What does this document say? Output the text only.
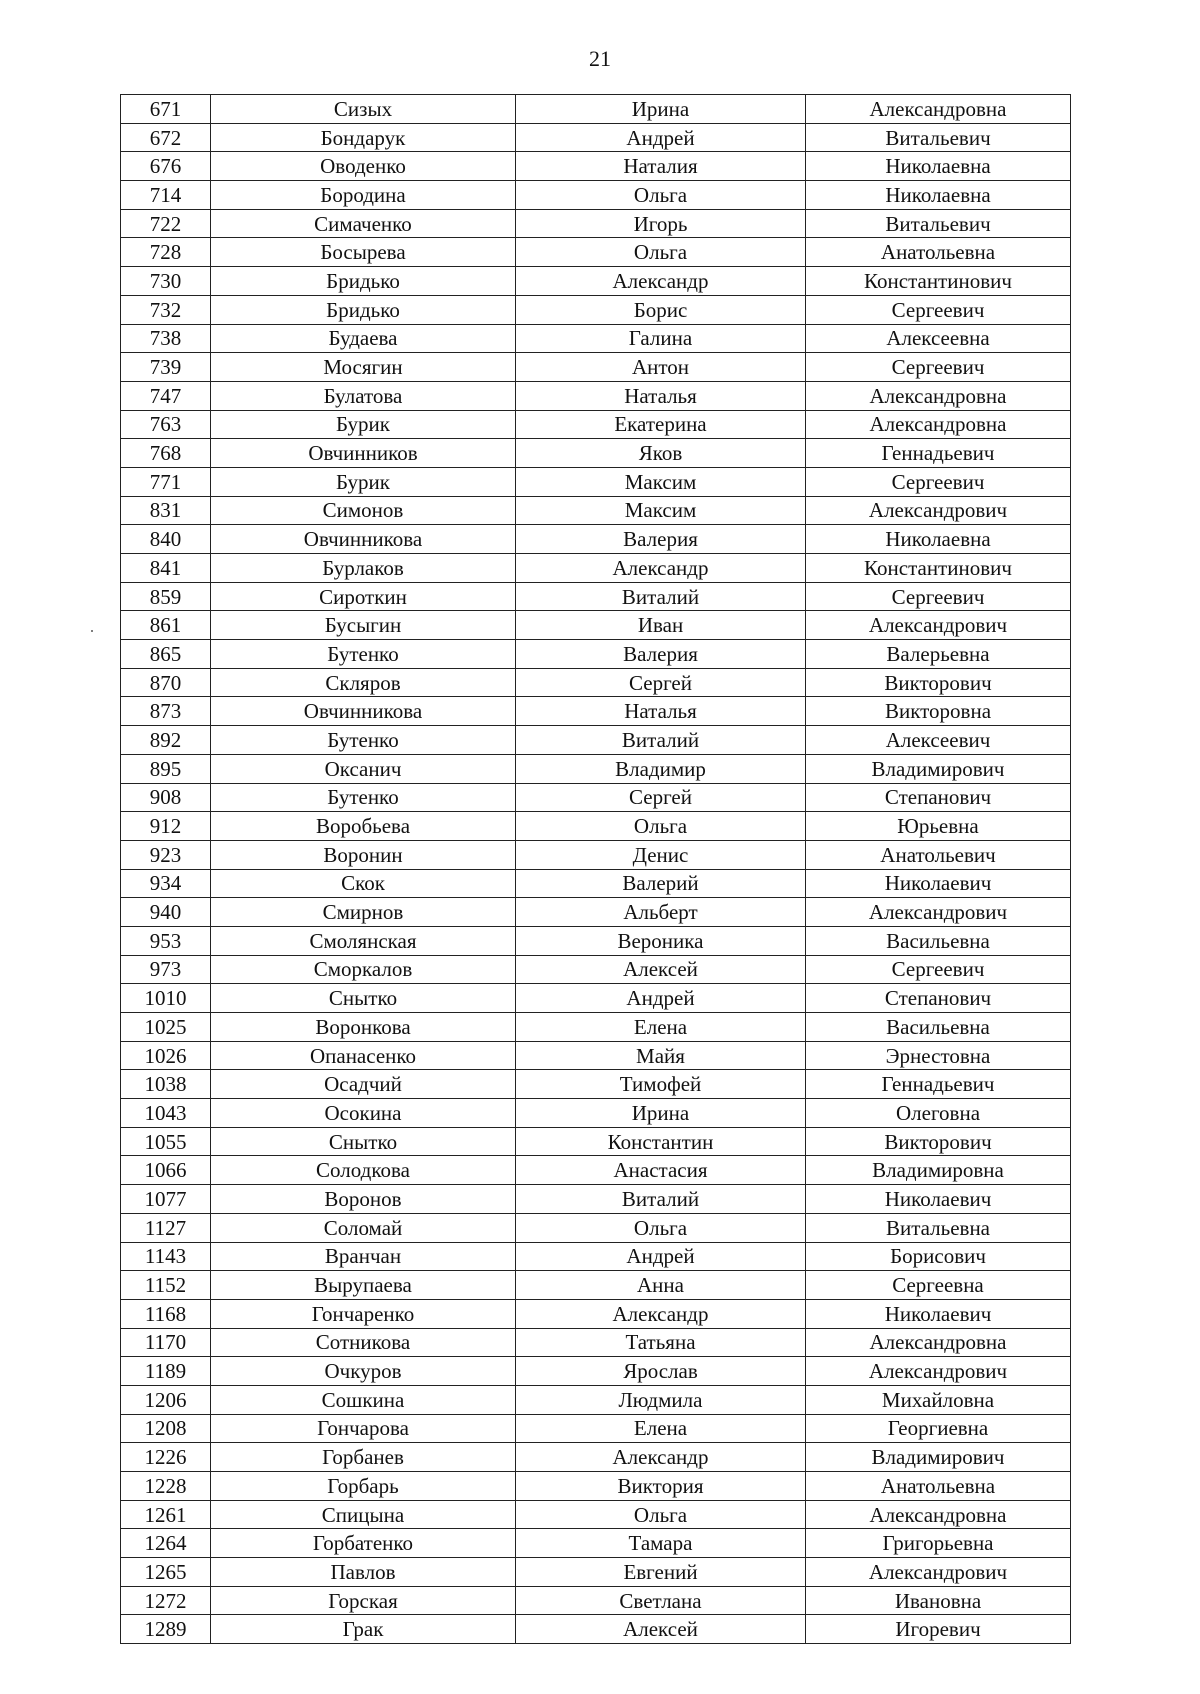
21
671	Сизых	Ирина	Александровна
672	Бондарук	Андрей	Витальевич
676	Оводенко	Наталия	Николаевна
714	Бородина	Ольга	Николаевна
722	Симаченко	Игорь	Витальевич
728	Босырева	Ольга	Анатольевна
730	Бридько	Александр	Константинович
732	Бридько	Борис	Сергеевич
738	Будаева	Галина	Алексеевна
739	Мосягин	Антон	Сергеевич
747	Булатова	Наталья	Александровна
763	Бурик	Екатерина	Александровна
768	Овчинников	Яков	Геннадьевич
771	Бурик	Максим	Сергеевич
831	Симонов	Максим	Александрович
840	Овчинникова	Валерия	Николаевна
841	Бурлаков	Александр	Константинович
859	Сироткин	Виталий	Сергеевич
861	Бусыгин	Иван	Александрович
865	Бутенко	Валерия	Валерьевна
870	Скляров	Сергей	Викторович
873	Овчинникова	Наталья	Викторовна
892	Бутенко	Виталий	Алексеевич
895	Оксанич	Владимир	Владимирович
908	Бутенко	Сергей	Степанович
912	Воробьева	Ольга	Юрьевна
923	Воронин	Денис	Анатольевич
934	Скок	Валерий	Николаевич
940	Смирнов	Альберт	Александрович
953	Смолянская	Вероника	Васильевна
973	Сморкалов	Алексей	Сергеевич
1010	Снытко	Андрей	Степанович
1025	Воронкова	Елена	Васильевна
1026	Опанасенко	Майя	Эрнестовна
1038	Осадчий	Тимофей	Геннадьевич
1043	Осокина	Ирина	Олеговна
1055	Снытко	Константин	Викторович
1066	Солодкова	Анастасия	Владимировна
1077	Воронов	Виталий	Николаевич
1127	Соломай	Ольга	Витальевна
1143	Вранчан	Андрей	Борисович
1152	Вырупаева	Анна	Сергеевна
1168	Гончаренко	Александр	Николаевич
1170	Сотникова	Татьяна	Александровна
1189	Очкуров	Ярослав	Александрович
1206	Сошкина	Людмила	Михайловна
1208	Гончарова	Елена	Георгиевна
1226	Горбанев	Александр	Владимирович
1228	Горбарь	Виктория	Анатольевна
1261	Спицына	Ольга	Александровна
1264	Горбатенко	Тамара	Григорьевна
1265	Павлов	Евгений	Александрович
1272	Горская	Светлана	Ивановна
1289	Грак	Алексей	Игоревич
